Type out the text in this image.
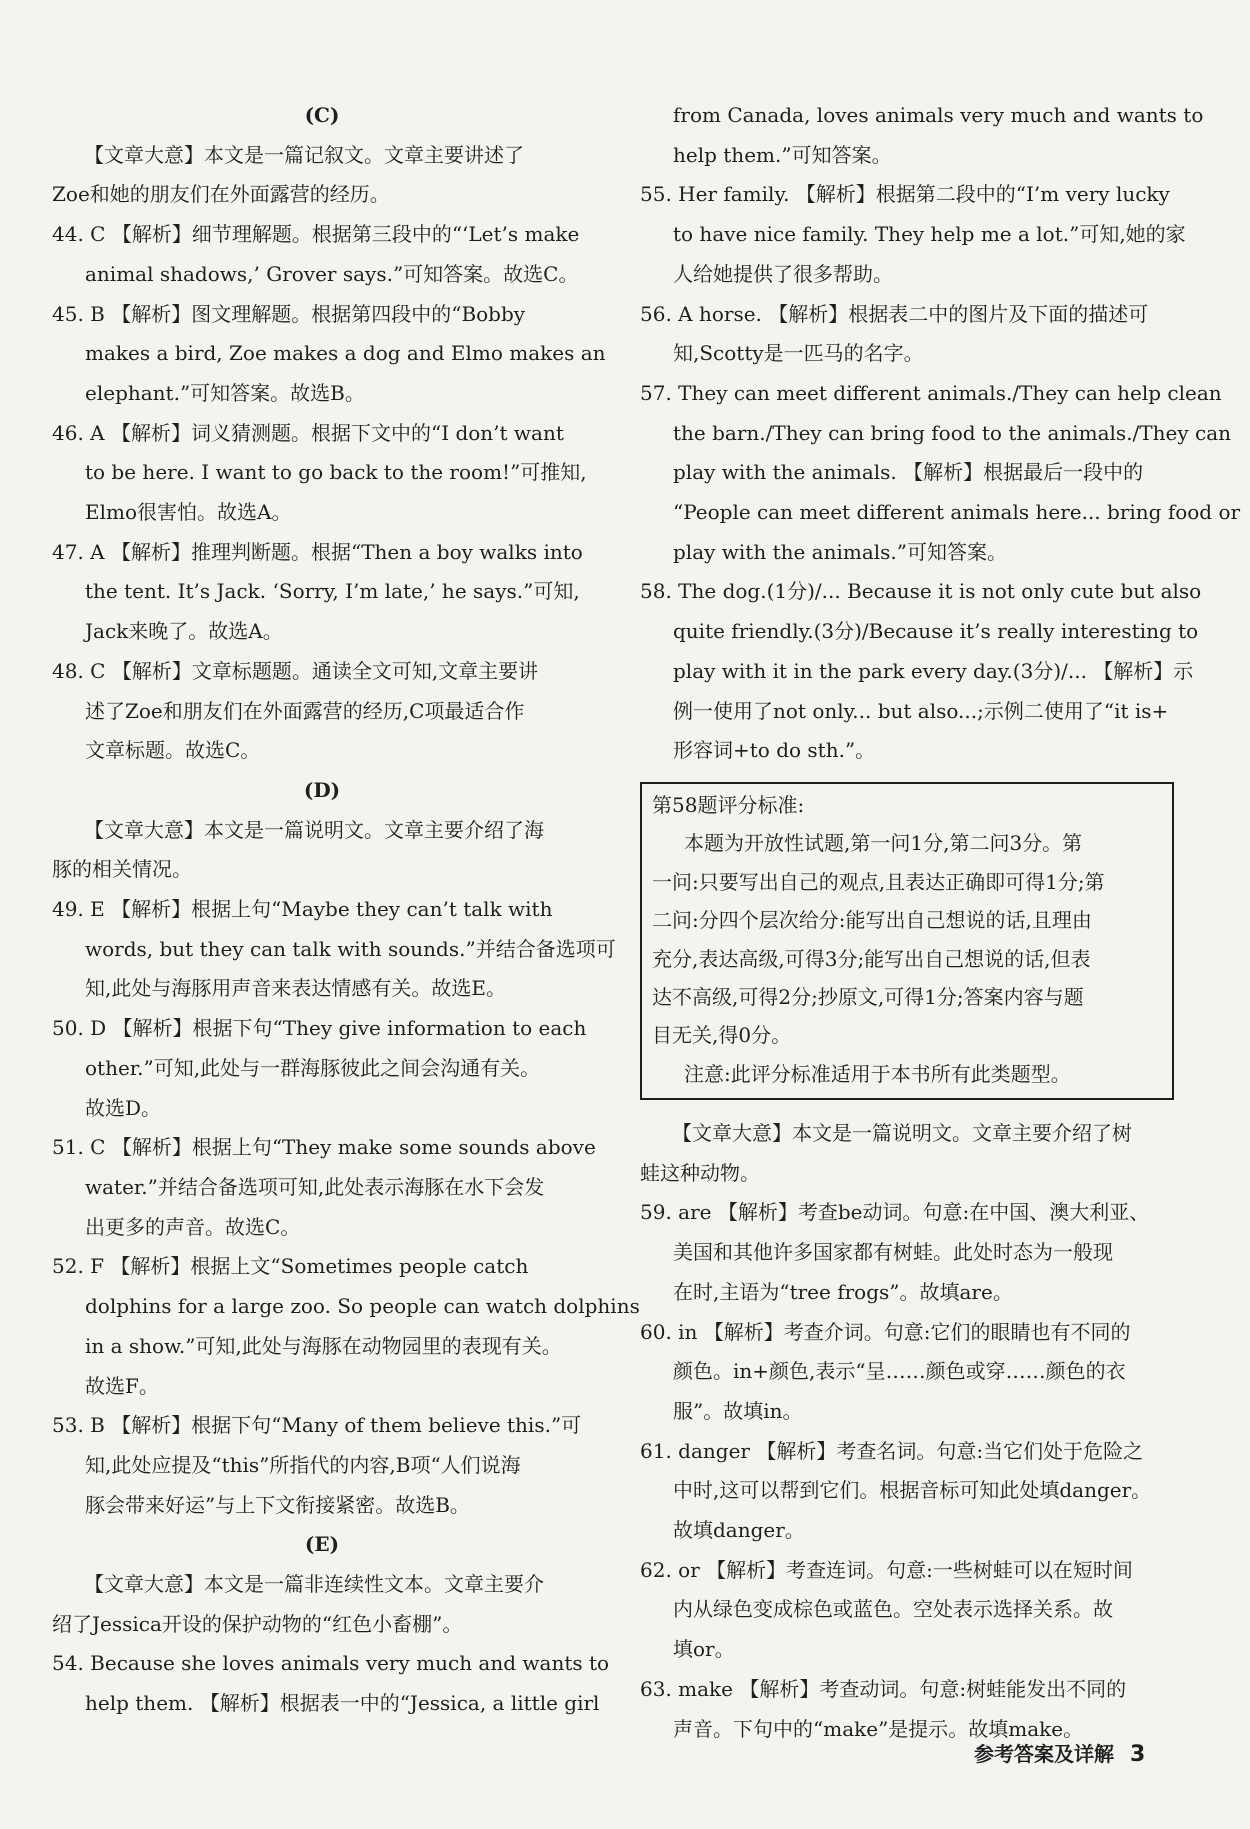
(C)
【文章大意】本文是一篇记叙文。文章主要讲述了
Zoe和她的朋友们在外面露营的经历。
44. C 【解析】细节理解题。根据第三段中的“‘Let’s make
animal shadows,’ Grover says.”可知答案。故选C。
45. B 【解析】图文理解题。根据第四段中的“Bobby
makes a bird, Zoe makes a dog and Elmo makes an
elephant.”可知答案。故选B。
46. A 【解析】词义猜测题。根据下文中的“I don’t want
to be here. I want to go back to the room!”可推知,
Elmo很害怕。故选A。
47. A 【解析】推理判断题。根据“Then a boy walks into
the tent. It’s Jack. ‘Sorry, I’m late,’ he says.”可知,
Jack来晚了。故选A。
48. C 【解析】文章标题题。通读全文可知,文章主要讲
述了Zoe和朋友们在外面露营的经历,C项最适合作
文章标题。故选C。
(D)
【文章大意】本文是一篇说明文。文章主要介绍了海
豚的相关情况。
49. E 【解析】根据上句“Maybe they can’t talk with
words, but they can talk with sounds.”并结合备选项可
知,此处与海豚用声音来表达情感有关。故选E。
50. D 【解析】根据下句“They give information to each
other.”可知,此处与一群海豚彼此之间会沟通有关。
故选D。
51. C 【解析】根据上句“They make some sounds above
water.”并结合备选项可知,此处表示海豚在水下会发
出更多的声音。故选C。
52. F 【解析】根据上文“Sometimes people catch
dolphins for a large zoo. So people can watch dolphins
in a show.”可知,此处与海豚在动物园里的表现有关。
故选F。
53. B 【解析】根据下句“Many of them believe this.”可
知,此处应提及“this”所指代的内容,B项“人们说海
豚会带来好运”与上下文衔接紧密。故选B。
(E)
【文章大意】本文是一篇非连续性文本。文章主要介
绍了Jessica开设的保护动物的“红色小畜棚”。
54. Because she loves animals very much and wants to
help them. 【解析】根据表一中的“Jessica, a little girl
from Canada, loves animals very much and wants to
help them.”可知答案。
55. Her family. 【解析】根据第二段中的“I’m very lucky
to have nice family. They help me a lot.”可知,她的家
人给她提供了很多帮助。
56. A horse. 【解析】根据表二中的图片及下面的描述可
知,Scotty是一匹马的名字。
57. They can meet different animals./They can help clean
the barn./They can bring food to the animals./They can
play with the animals. 【解析】根据最后一段中的
“People can meet different animals here... bring food or
play with the animals.”可知答案。
58. The dog.(1分)/... Because it is not only cute but also
quite friendly.(3分)/Because it’s really interesting to
play with it in the park every day.(3分)/... 【解析】示
例一使用了not only... but also...;示例二使用了“it is+
形容词+to do sth.”。
第58题评分标准:
本题为开放性试题,第一问1分,第二问3分。第
一问:只要写出自己的观点,且表达正确即可得1分;第
二问:分四个层次给分:能写出自己想说的话,且理由
充分,表达高级,可得3分;能写出自己想说的话,但表
达不高级,可得2分;抄原文,可得1分;答案内容与题
目无关,得0分。
注意:此评分标准适用于本书所有此类题型。
【文章大意】本文是一篇说明文。文章主要介绍了树
蛙这种动物。
59. are 【解析】考查be动词。句意:在中国、澳大利亚、
美国和其他许多国家都有树蛙。此处时态为一般现
在时,主语为“tree frogs”。故填are。
60. in 【解析】考查介词。句意:它们的眼睛也有不同的
颜色。in+颜色,表示“呈……颜色或穿……颜色的衣
服”。故填in。
61. danger 【解析】考查名词。句意:当它们处于危险之
中时,这可以帮到它们。根据音标可知此处填danger。
故填danger。
62. or 【解析】考查连词。句意:一些树蛙可以在短时间
内从绿色变成棕色或蓝色。空处表示选择关系。故
填or。
63. make 【解析】考查动词。句意:树蛙能发出不同的
声音。下句中的“make”是提示。故填make。
参考答案及详解 3
